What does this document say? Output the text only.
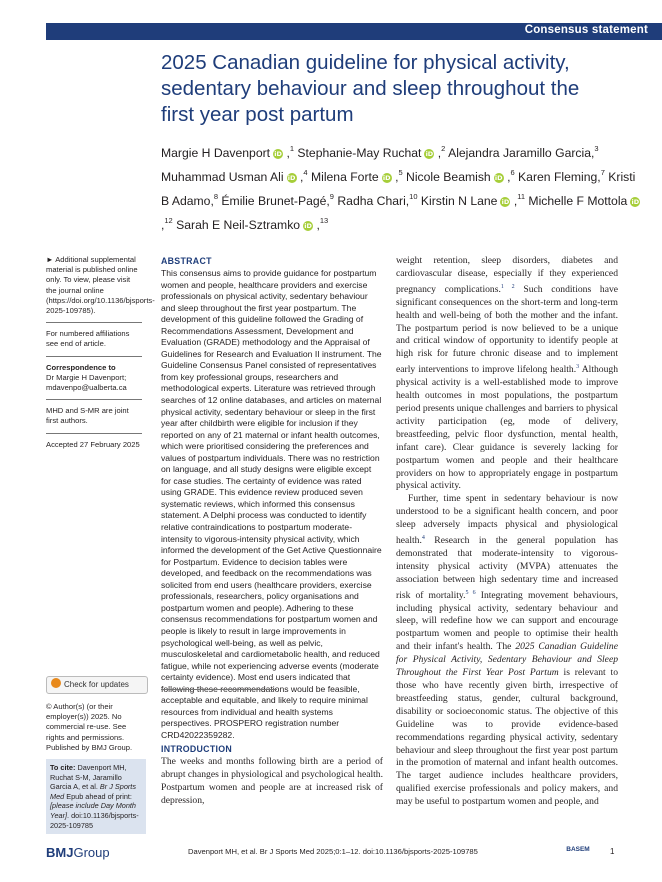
Consensus statement
2025 Canadian guideline for physical activity, sedentary behaviour and sleep throughout the first year post partum
Margie H Davenport iD ,$^1$ Stephanie-May Ruchat iD ,$^2$ Alejandra Jaramillo Garcia,$^3$ Muhammad Usman Ali iD ,$^4$ Milena Forte iD ,$^5$ Nicole Beamish iD ,$^6$ Karen Fleming,$^7$ Kristi B Adamo,$^8$ Émilie Brunet-Pagé,$^9$ Radha Chari,$^{10}$ Kirstin N Lane iD ,$^{11}$ Michelle F Mottola iD ,$^{12}$ Sarah E Neil-Sztramko iD ,$^{13}$
► Additional supplemental material is published online only. To view, please visit the journal online (https://doi.org/10.1136/bjsports-2025-109785).
For numbered affiliations see end of article.
Correspondence to
Dr Margie H Davenport; mdavenpo@ualberta.ca
MHD and S-MR are joint first authors.
Accepted 27 February 2025
Check for updates
© Author(s) (or their employer(s)) 2025. No commercial re-use. See rights and permissions. Published by BMJ Group.
To cite: Davenport MH, Ruchat S-M, Jaramillo Garcia A, et al. Br J Sports Med Epub ahead of print: [please include Day Month Year]. doi:10.1136/bjsports-2025-109785
ABSTRACT
This consensus aims to provide guidance for postpartum women and people, healthcare providers and exercise professionals on physical activity, sedentary behaviour and sleep throughout the first year postpartum. The development of this guideline followed the Grading of Recommendations Assessment, Development and Evaluation (GRADE) methodology and the Appraisal of Guidelines for Research and Evaluation II instrument. The Guideline Consensus Panel consisted of representatives from key professional groups, researchers and methodological experts. Literature was retrieved through searches of 12 online databases, and articles on maternal physical activity, sedentary behaviour or sleep in the first year after childbirth were eligible for inclusion if they reported on any of 21 maternal or infant health outcomes, which were prioritised considering the preferences and values of postpartum individuals. There was no restriction on language, and all study designs were eligible except for case studies. The certainty of evidence was rated using GRADE. This evidence review produced seven systematic reviews, which informed this consensus statement. A Delphi process was conducted to identify relative contraindications to postpartum moderate-intensity to vigorous-intensity physical activity, which informed the development of the Get Active Questionnaire for Postpartum. Evidence to decision tables were developed, and feedback on the recommendations was solicited from end users (healthcare providers, exercise professionals, researchers, policy organisations and postpartum women and people). Adhering to these consensus recommendations for postpartum women and people is likely to result in large improvements in psychological well-being, as well as pelvic, musculoskeletal and cardiometabolic health, and reduced fatigue, while not experiencing adverse events (moderate certainty evidence). Most end users indicated that following these recommendations would be feasible, acceptable and equitable, and likely to require minimal resources from individual and health systems perspectives. PROSPERO registration number CRD42022359282.
INTRODUCTION
The weeks and months following birth are a period of abrupt changes in physiological and psychological health. Postpartum women and people are at increased risk of depression,

weight retention, sleep disorders, diabetes and cardiovascular disease, especially if they experienced pregnancy complications.$^{1 2}$ Such conditions have significant consequences on the short-term and long-term health and well-being of both the mother and the infant. The postpartum period is now believed to be a unique and critical window of opportunity to identify people at high risk for future chronic disease and to implement early interventions to improve lifelong health.$^3$ Although physical activity is a well-established mode to improve health outcomes in most populations, the postpartum period presents unique challenges and barriers to physical activity participation (eg, mode of delivery, breastfeeding, pelvic floor dysfunction, mental health, infant care). Clear guidance is severely lacking for postpartum women and people and their healthcare providers on how to appropriately engage in postpartum physical activity.

Further, time spent in sedentary behaviour is now understood to be a significant health concern, and poor sleep adversely impacts physical and physiological health.$^4$ Research in the general population has demonstrated that moderate-intensity to vigorous-intensity physical activity (MVPA) attenuates the association between high sedentary time and increased risk of mortality.$^{5 6}$ Integrating movement behaviours, including physical activity, sedentary behaviour and sleep, will redefine how we can support and encourage postpartum women and people to optimise their health and their infant's health. The 2025 Canadian Guideline for Physical Activity, Sedentary Behaviour and Sleep Throughout the First Year Post Partum is relevant to those who have recently given birth, irrespective of breastfeeding status, gender, cultural background, disability or socioeconomic status. The objective of this Guideline was to provide evidence-based recommendations regarding physical activity, sedentary behaviour and sleep throughout the first year post partum in the promotion of maternal and infant health outcomes. The target audience includes healthcare providers, qualified exercise professionals and policy makers, and may be useful to postpartum women and people, and

BMJGroup	Davenport MH, et al. Br J Sports Med 2025;0:1–12. doi:10.1136/bjsports-2025-109785	BASEM	1
